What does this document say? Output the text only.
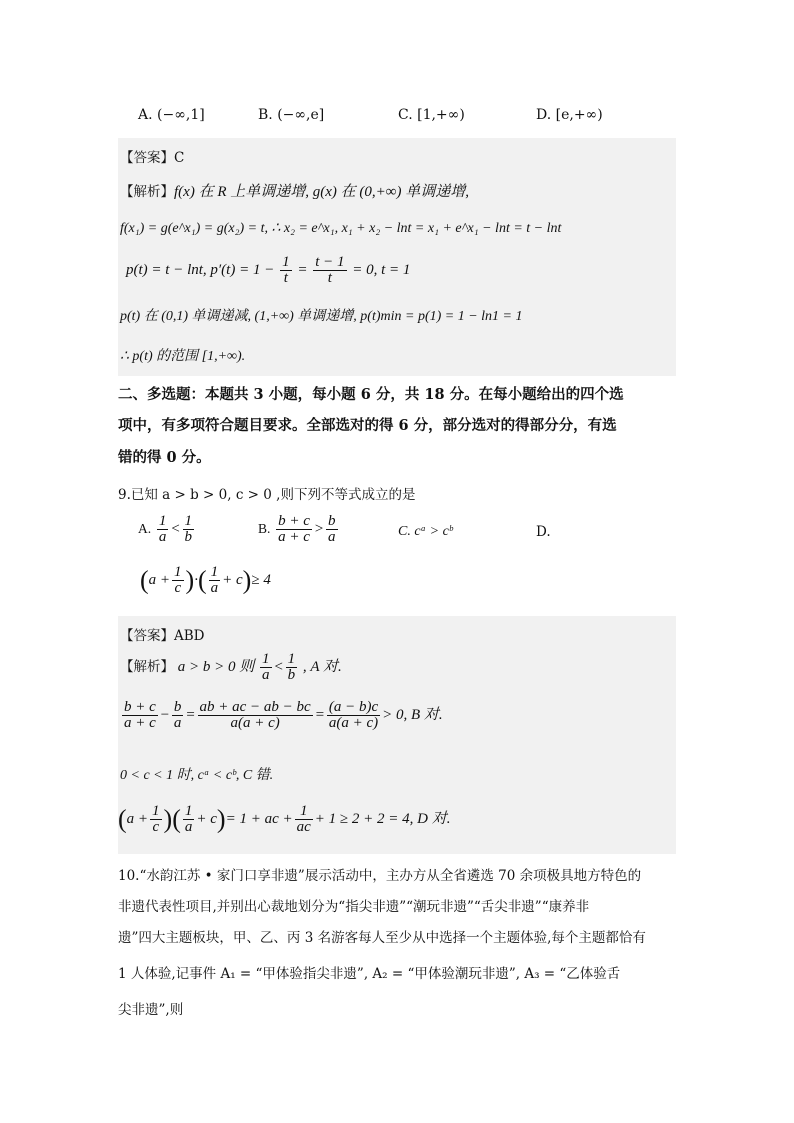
A. (−∞,1]	B. (−∞,e]	C. [1,+∞)	D. [e,+∞)
【答案】C
【解析】f(x) 在 R 上单调递增, g(x) 在 (0,+∞) 单调递增,
f(x₁) = g(e^x₁) = g(x₂) = t, ∴ x₂ = e^x₁, x₁ + x₂ − lnt = x₁ + e^x₁ − lnt = t − lnt
p(t) = t − lnt, $p'(t) = 1 - \frac{1}{t} = \frac{t - 1}{t} = 0$, t = 1
p(t) 在 (0,1) 单调递减, (1,+∞) 单调递增, p(t)min = p(1) = 1 − ln1 = 1
∴ p(t) 的范围 [1,+∞).
二、多选题：本题共 3 小题，每小题 6 分，共 18 分。在每小题给出的四个选
项中，有多项符合题目要求。全部选对的得 6 分，部分选对的得部分分，有选
错的得 0 分。
9.已知 a > b > 0, c > 0 ,则下列不等式成立的是
A. $\frac{1}{a} < \frac{1}{b}$	B. $\frac{b + c}{a + c} > \frac{b}{a}$	C. cᵃ > cᵇ	D.
($a + \frac{1}{c}$ )·( $\frac{1}{a} + c)\ge 4$
【答案】ABD
【解析】 a > b > 0 则 $\frac{1}{a} < \frac{1}{b}$ , A 对.
$\frac{b + c}{a + c} - \frac{b}{a} = \frac{ab + ac - ab - bc}{a(a + c)} = \frac{(a - b)c}{a(a + c)} > 0$, B 对.
0 < c < 1 时, cᵃ < cᵇ, C 错.
($a + \frac{1}{c}$ )( $\frac{1}{a} + c)= 1$ + ac + $\frac{1}{ac} + 1 \ge 2 + 2 = 4$, D 对.
10.“水韵江苏 • 家门口享非遗”展示活动中，主办方从全省遴选 70 余项极具地方特色的
非遗代表性项目,并别出心裁地划分为“指尖非遗”“潮玩非遗”“舌尖非遗”“康养非
遗”四大主题板块，甲、乙、丙 3 名游客每人至少从中选择一个主题体验,每个主题都恰有
1 人体验,记事件 A₁ = “甲体验指尖非遗”, A₂ = “甲体验潮玩非遗”, A₃ = “乙体验舌
尖非遗”,则
